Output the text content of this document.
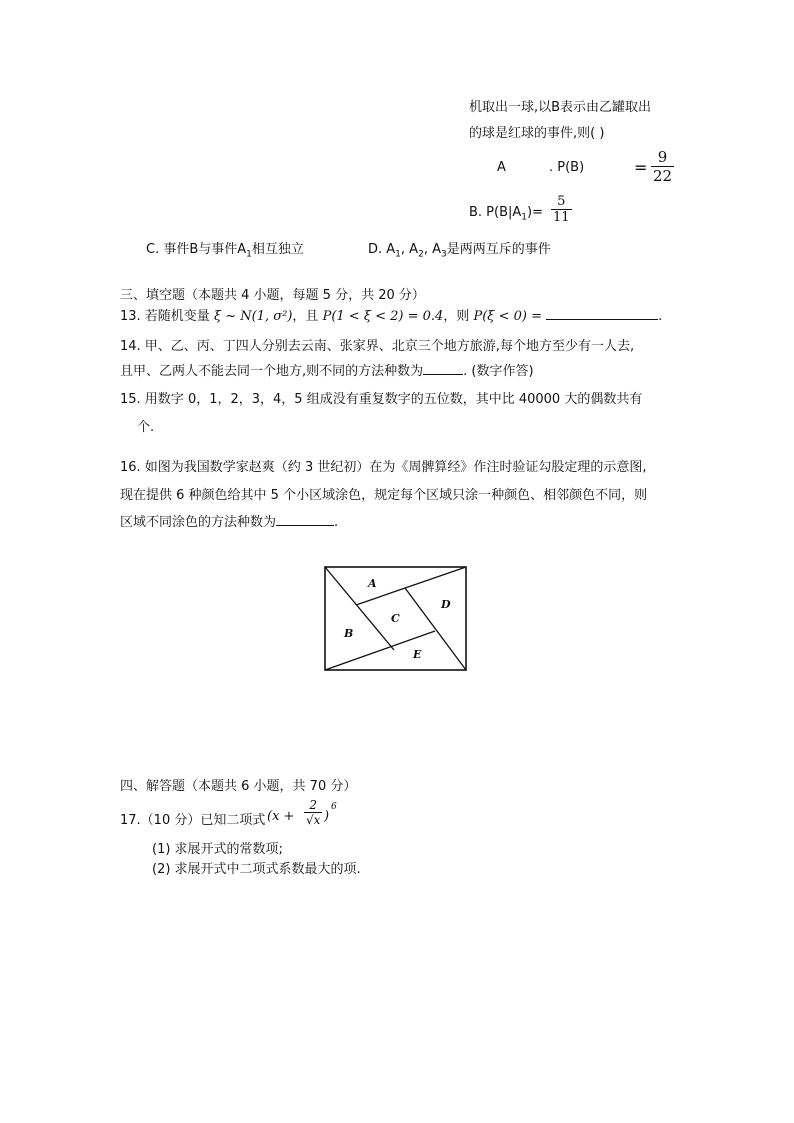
机取出一球,以B表示由乙罐取出
的球是红球的事件,则( )
A	. P(B)	= $\frac{9}{22}$
B. $P(B|A_1)= \frac{5}{11}$
C. 事件B与事件$A_1$相互独立	D. $A_1$, $A_2$, $A_3$是两两互斥的事件
三、填空题（本题共 4 小题，每题 5 分，共 20 分）
13. 若随机变量 ξ ~ N(1, σ²)，且 P(1 < ξ < 2) = 0.4，则 P(ξ < 0) =	.
14. 甲、乙、丙、丁四人分别去云南、张家界、北京三个地方旅游,每个地方至少有一人去,
且甲、乙两人不能去同一个地方,则不同的方法种数为	. (数字作答)
15. 用数字 0，1，2，3，4，5 组成没有重复数字的五位数，其中比 40000 大的偶数共有
个.
16. 如图为我国数学家赵爽（约 3 世纪初）在为《周髀算经》作注时验证勾股定理的示意图,
现在提供 6 种颜色给其中 5 个小区域涂色，规定每个区域只涂一种颜色、相邻颜色不同，则
区域不同涂色的方法种数为	.
A
B
C
D
E
四、解答题（本题共 6 小题，共 70 分）
17.（10 分）已知二项式 ($x + \frac{2}{√x}$ )
6
(1) 求展开式的常数项;
(2) 求展开式中二项式系数最大的项.
